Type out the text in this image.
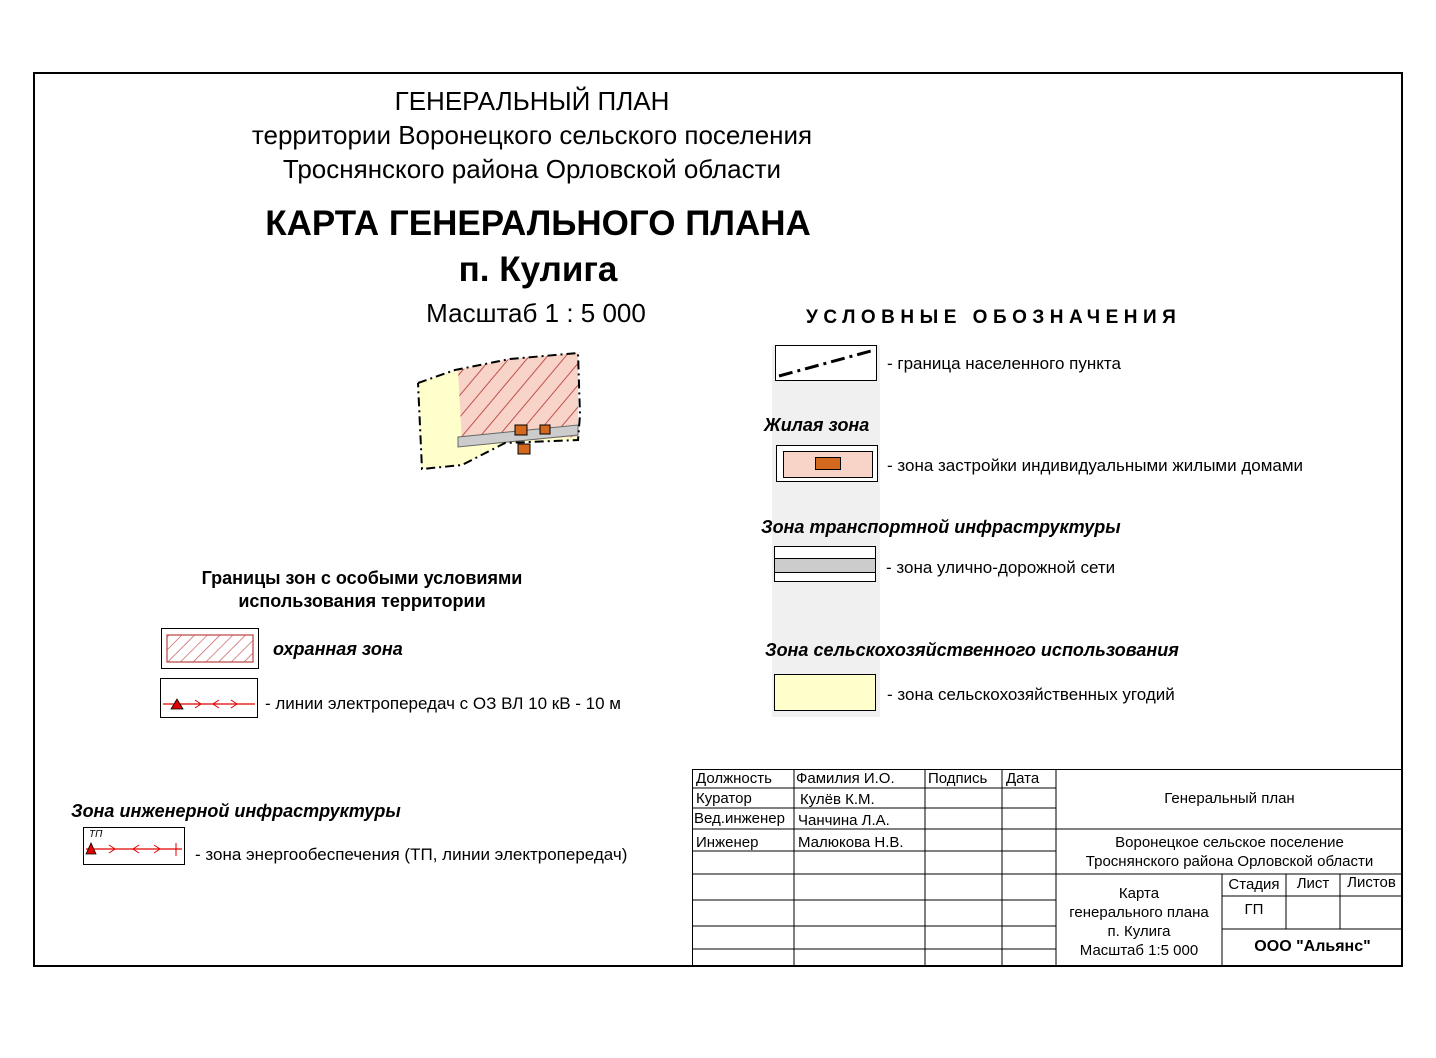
ГЕНЕРАЛЬНЫЙ ПЛАН
территории Воронецкого сельского поселения
Троснянского района Орловской области
КАРТА ГЕНЕРАЛЬНОГО ПЛАНА
п. Кулига
Масштаб 1 : 5 000	УСЛОВНЫЕ ОБОЗНАЧЕНИЯ
- граница населенного пункта
Жилая зона
- зона застройки индивидуальными жилыми домами
Зона транспортной инфраструктуры
- зона улично-дорожной сети
Зона сельскохозяйственного использования
- зона сельскохозяйственных угодий
Границы зон с особыми условиями
использования территории
охранная зона
- линии электропередач с ОЗ ВЛ 10 кВ - 10 м
Зона инженерной инфраструктуры
ТП
- зона энергообеспечения (ТП, линии электропередач)
Должность Фамилия И.О. Подпись Дата
Куратор	Кулёв К.М.
Вед.инженер Чанчина Л.А.
Инженер	Малюкова Н.В.
Генеральный план
Воронецкое сельское поселение
Троснянского района Орловской области
Карта
генерального плана
п. Кулига
Масштаб 1:5 000
Стадия	Лист	Листов
ГП
ООО "Альянс"
